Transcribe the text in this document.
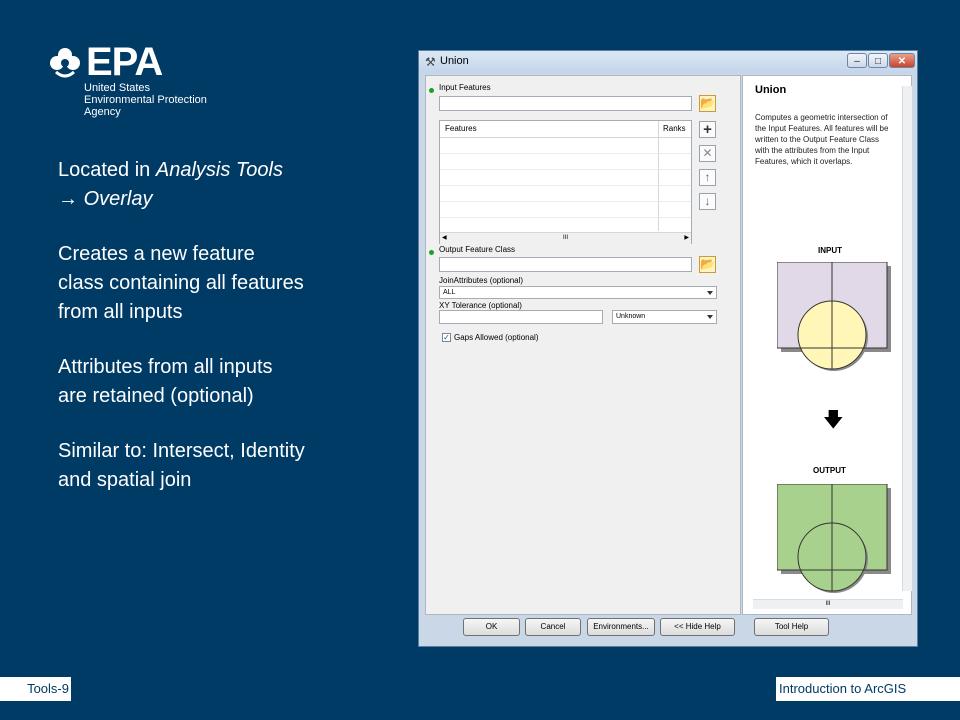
EPA
United States
Environmental Protection
Agency

Located in Analysis Tools
→ Overlay

Creates a new feature
class containing all features
from all inputs

Attributes from all inputs
are retained (optional)

Similar to: Intersect, Identity
and spatial join

Tools-9	Introduction to ArcGIS
⚒ Union	–	□	✕
Input Features
📂
Features	Ranks
◀	III	▶
+
✕
↑
↓
Output Feature Class
📂
JoinAttributes (optional)
ALL
XY Tolerance (optional)
Unknown
✓ Gaps Allowed (optional)
Union
Computes a geometric intersection of the Input Features. All features will be written to the Output Feature Class with the attributes from the Input Features, which it overlaps.
INPUT
🡇
OUTPUT
III
OK	Cancel	Environments...	<< Hide Help	Tool Help
